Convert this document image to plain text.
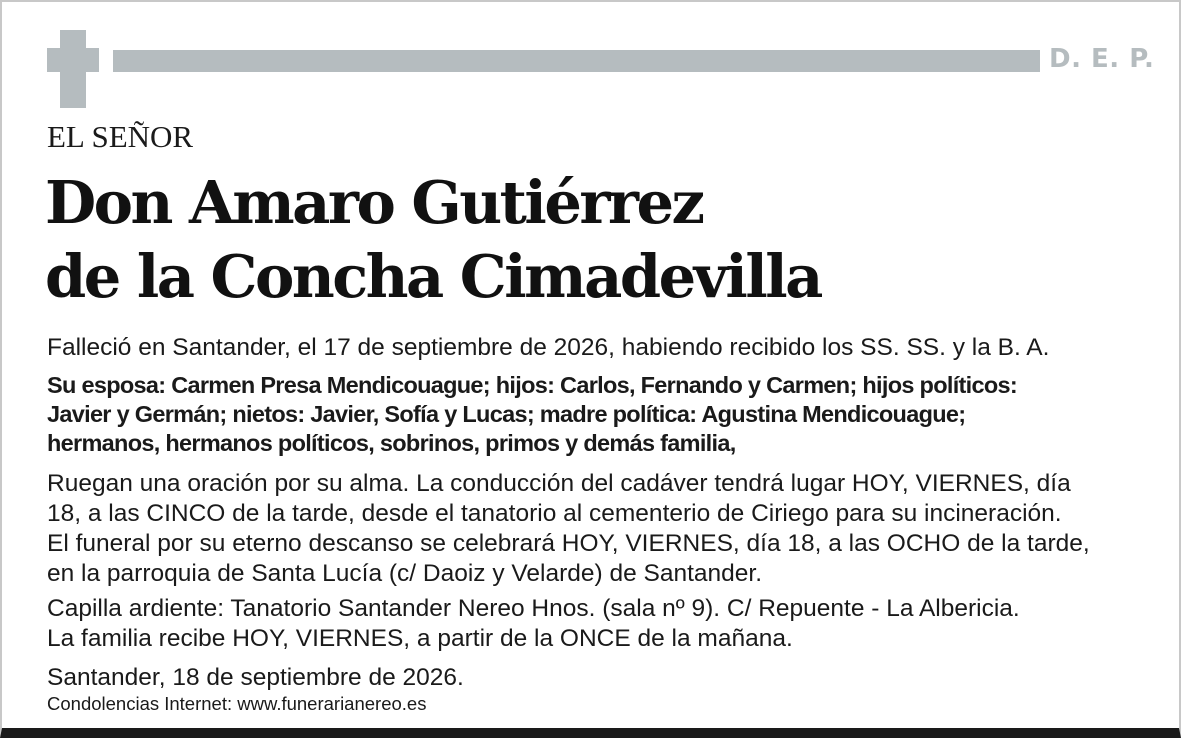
D. E. P.
EL SEÑOR
Don Amaro Gutiérrez
de la Concha Cimadevilla
Falleció en Santander, el 17 de septiembre de 2026, habiendo recibido los SS. SS. y la B. A.
Su esposa: Carmen Presa Mendicouague; hijos: Carlos, Fernando y Carmen; hijos políticos:
Javier y Germán; nietos: Javier, Sofía y Lucas; madre política: Agustina Mendicouague;
hermanos, hermanos políticos, sobrinos, primos y demás familia,
Ruegan una oración por su alma. La conducción del cadáver tendrá lugar HOY, VIERNES, día
18, a las CINCO de la tarde, desde el tanatorio al cementerio de Ciriego para su incineración.
El funeral por su eterno descanso se celebrará HOY, VIERNES, día 18, a las OCHO de la tarde,
en la parroquia de Santa Lucía (c/ Daoiz y Velarde) de Santander.
Capilla ardiente: Tanatorio Santander Nereo Hnos. (sala nº 9). C/ Repuente - La Albericia.
La familia recibe HOY, VIERNES, a partir de la ONCE de la mañana.
Santander, 18 de septiembre de 2026.
Condolencias Internet: www.funerarianereo.es
